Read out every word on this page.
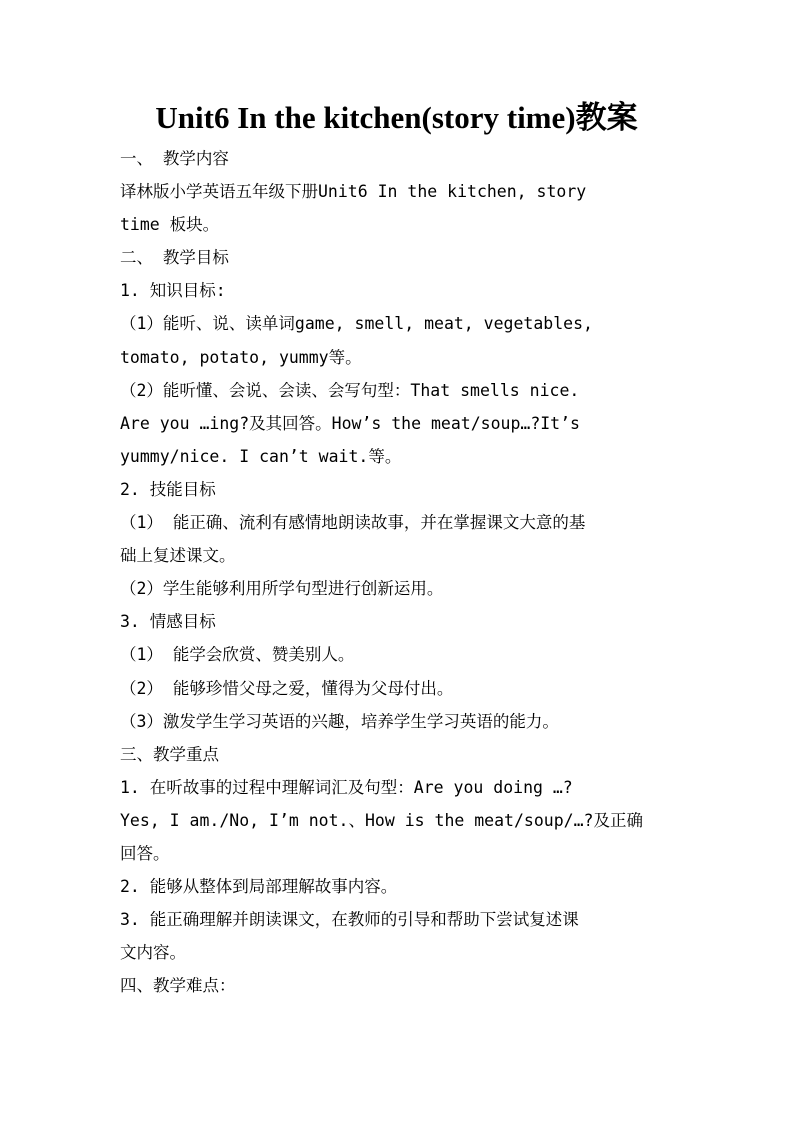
Unit6 In the kitchen(story time)教案
一、 教学内容
译林版小学英语五年级下册Unit6 In the kitchen, story
time 板块。
二、 教学目标
1. 知识目标:
（1）能听、说、读单词game, smell, meat, vegetables,
tomato, potato, yummy等。
（2）能听懂、会说、会读、会写句型：That smells nice.
Are you …ing?及其回答。How’s the meat/soup…?It’s
yummy/nice. I can’t wait.等。
2. 技能目标
（1） 能正确、流利有感情地朗读故事，并在掌握课文大意的基
础上复述课文。
（2）学生能够利用所学句型进行创新运用。
3. 情感目标
（1） 能学会欣赏、赞美别人。
（2） 能够珍惜父母之爱，懂得为父母付出。
（3）激发学生学习英语的兴趣，培养学生学习英语的能力。
三、教学重点
1. 在听故事的过程中理解词汇及句型：Are you doing …?
Yes, I am./No, I’m not.、How is the meat/soup/…?及正确
回答。
2. 能够从整体到局部理解故事内容。
3. 能正确理解并朗读课文，在教师的引导和帮助下尝试复述课
文内容。
四、教学难点：
